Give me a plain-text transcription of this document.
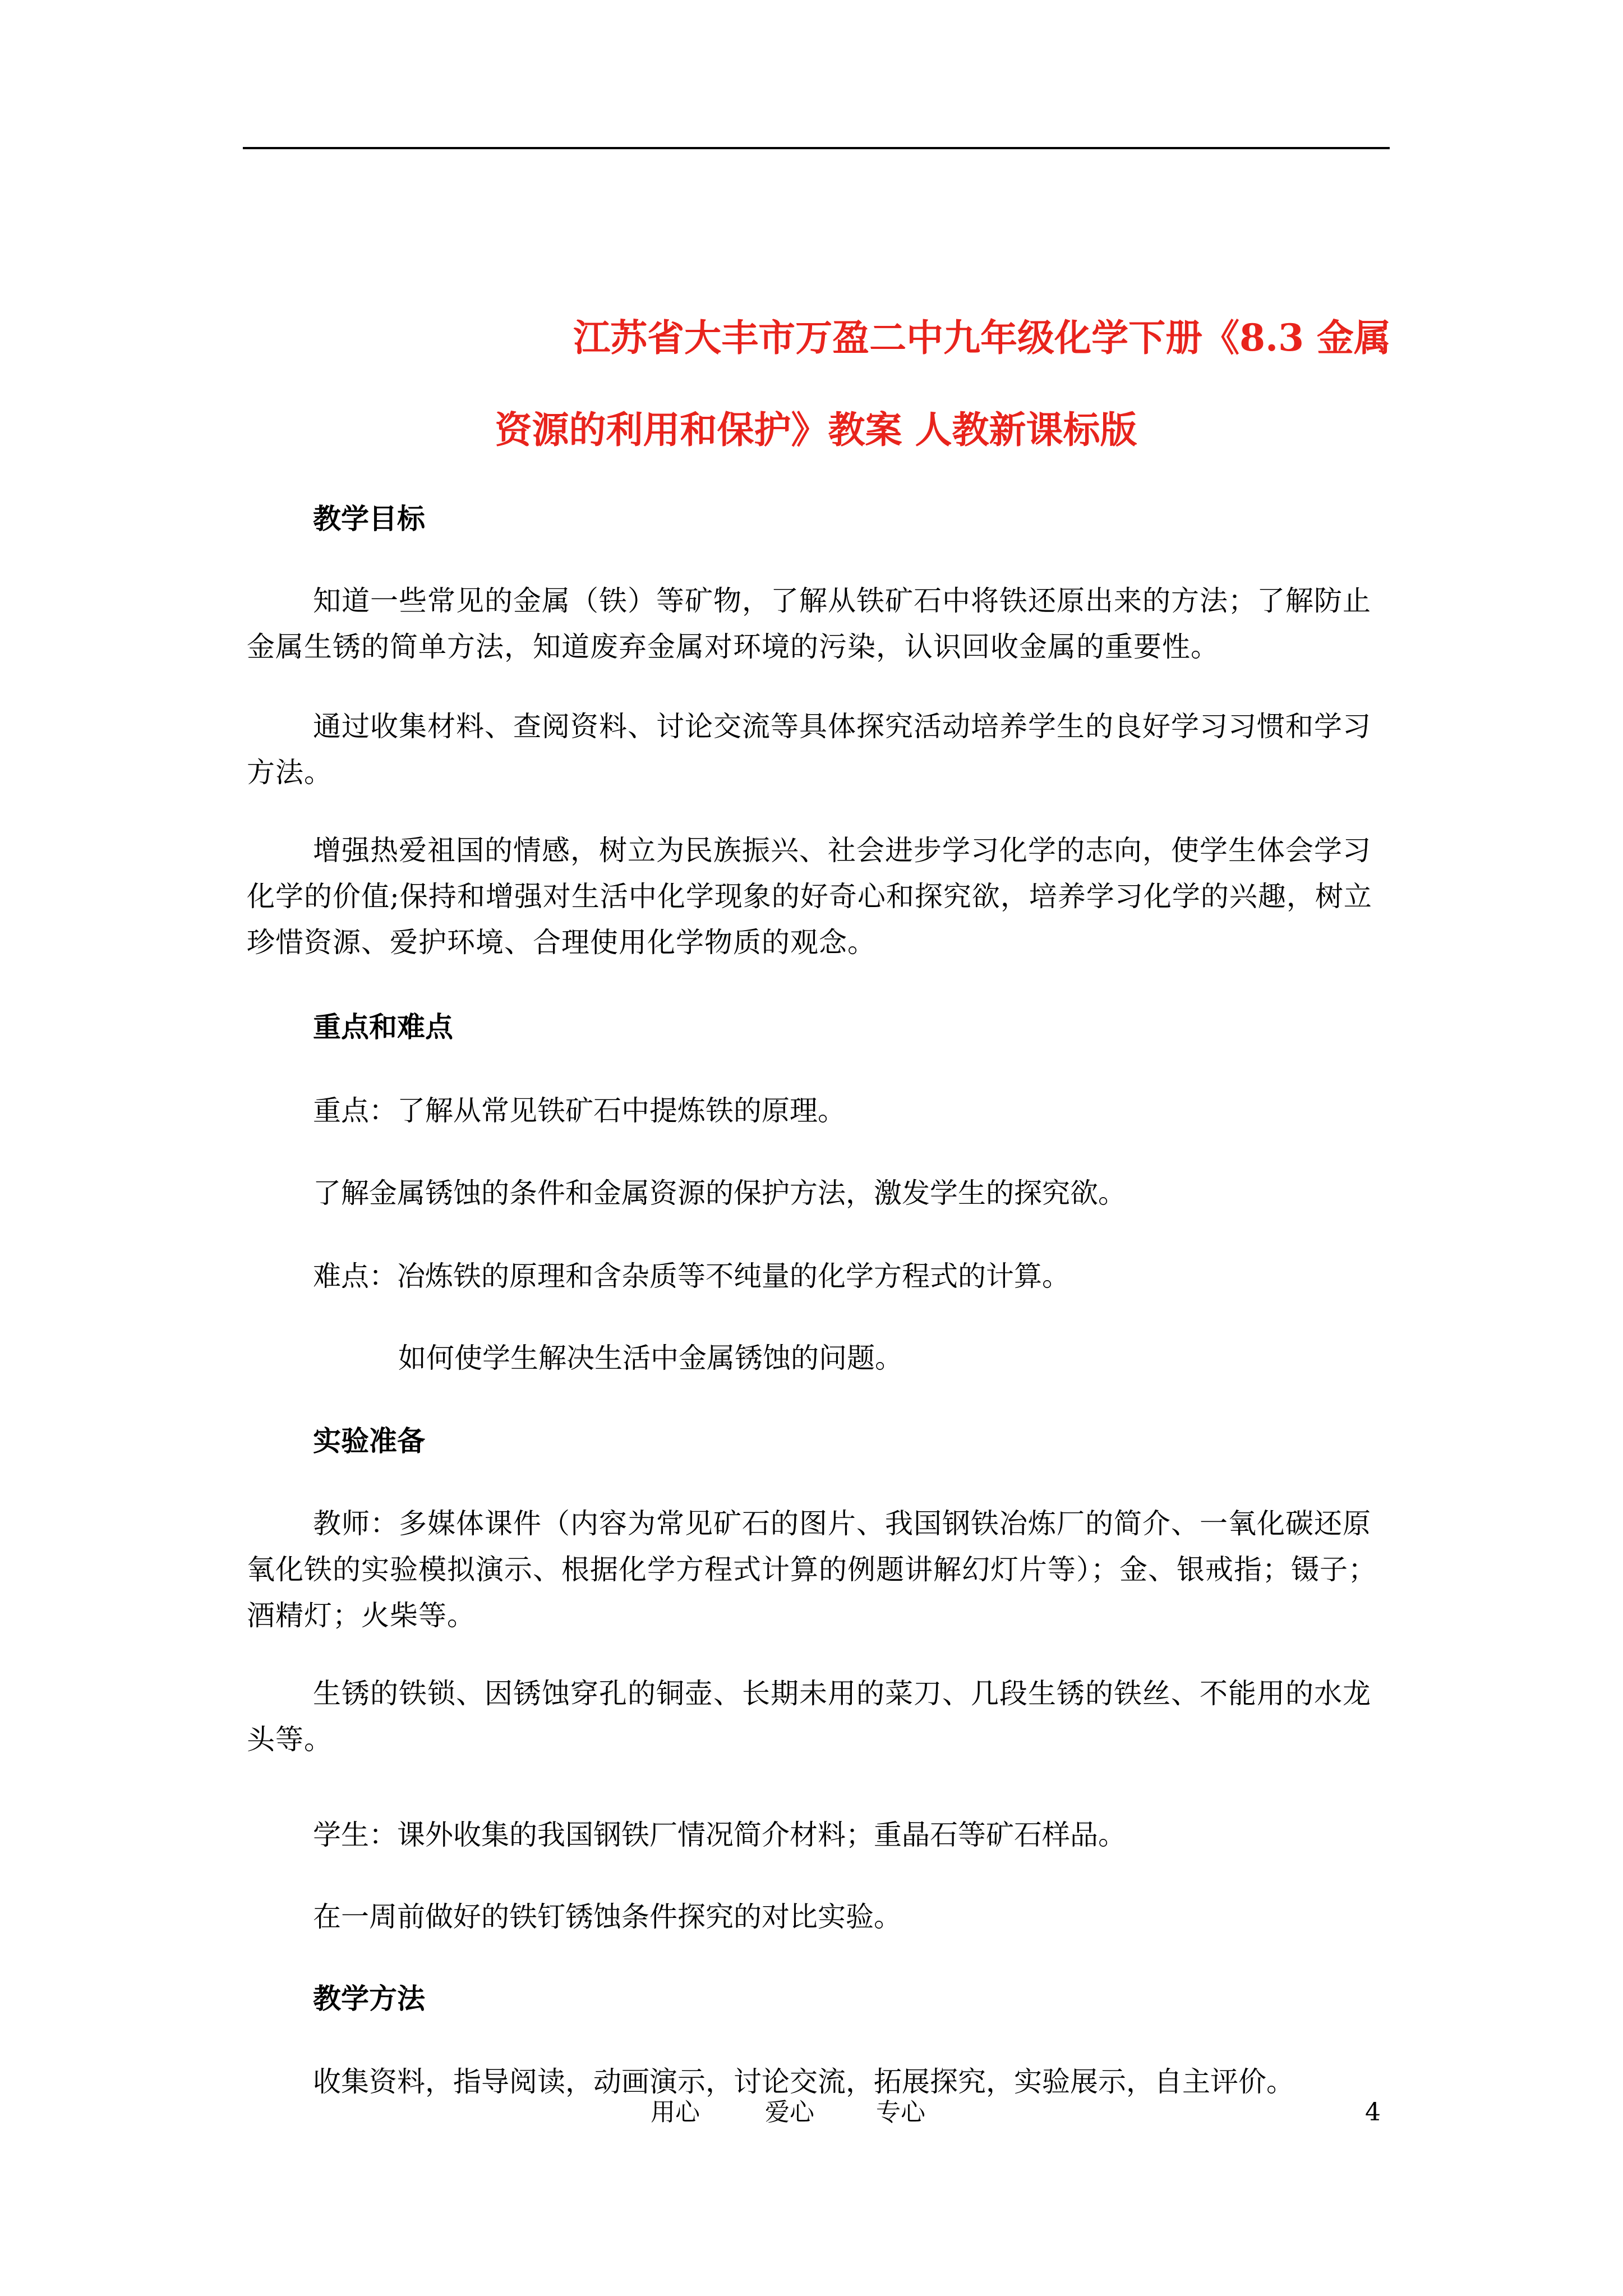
江苏省大丰市万盈二中九年级化学下册《8.3 金属
资源的利用和保护》教案 人教新课标版

教学目标

知道一些常见的金属（铁）等矿物，了解从铁矿石中将铁还原出来的方法；了解防止金属生锈的简单方法，知道废弃金属对环境的污染，认识回收金属的重要性。

通过收集材料、查阅资料、讨论交流等具体探究活动培养学生的良好学习习惯和学习方法。

增强热爱祖国的情感，树立为民族振兴、社会进步学习化学的志向，使学生体会学习化学的价值;保持和增强对生活中化学现象的好奇心和探究欲，培养学习化学的兴趣，树立珍惜资源、爱护环境、合理使用化学物质的观念。

重点和难点

重点：了解从常见铁矿石中提炼铁的原理。

了解金属锈蚀的条件和金属资源的保护方法，激发学生的探究欲。

难点：冶炼铁的原理和含杂质等不纯量的化学方程式的计算。

如何使学生解决生活中金属锈蚀的问题。

实验准备

教师：多媒体课件（内容为常见矿石的图片、我国钢铁冶炼厂的简介、一氧化碳还原氧化铁的实验模拟演示、根据化学方程式计算的例题讲解幻灯片等）；金、银戒指；镊子；酒精灯；火柴等。

生锈的铁锁、因锈蚀穿孔的铜壶、长期未用的菜刀、几段生锈的铁丝、不能用的水龙头等。

学生：课外收集的我国钢铁厂情况简介材料；重晶石等矿石样品。

在一周前做好的铁钉锈蚀条件探究的对比实验。

教学方法

收集资料，指导阅读，动画演示，讨论交流，拓展探究，实验展示，自主评价。

用心	爱心	专心	4
